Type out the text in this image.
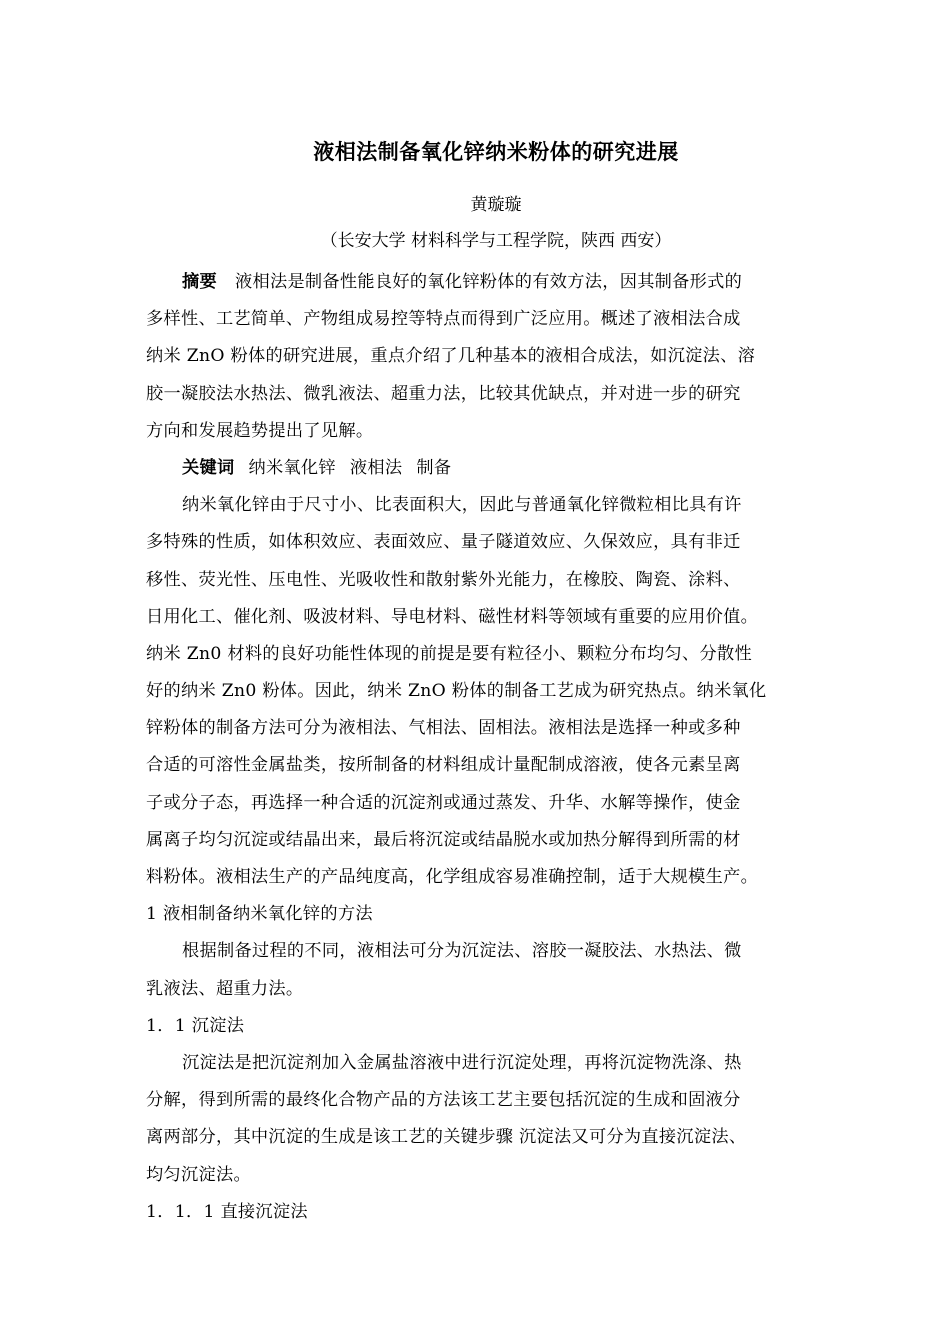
液相法制备氧化锌纳米粉体的研究进展
黄璇璇
（长安大学 材料科学与工程学院，陕西 西安）
摘要 液相法是制备性能良好的氧化锌粉体的有效方法，因其制备形式的
多样性、工艺简单、产物组成易控等特点而得到广泛应用。概述了液相法合成
纳米 ZnO 粉体的研究进展，重点介绍了几种基本的液相合成法，如沉淀法、溶
胶一凝胶法水热法、微乳液法、超重力法，比较其优缺点，并对进一步的研究
方向和发展趋势提出了见解。
关键词 纳米氧化锌 液相法 制备
纳米氧化锌由于尺寸小、比表面积大，因此与普通氧化锌微粒相比具有许
多特殊的性质，如体积效应、表面效应、量子隧道效应、久保效应，具有非迁
移性、荧光性、压电性、光吸收性和散射紫外光能力，在橡胶、陶瓷、涂料、
日用化工、催化剂、吸波材料、导电材料、磁性材料等领域有重要的应用价值。
纳米 Zn0 材料的良好功能性体现的前提是要有粒径小、颗粒分布均匀、分散性
好的纳米 Zn0 粉体。因此，纳米 ZnO 粉体的制备工艺成为研究热点。纳米氧化
锌粉体的制备方法可分为液相法、气相法、固相法。液相法是选择一种或多种
合适的可溶性金属盐类，按所制备的材料组成计量配制成溶液，使各元素呈离
子或分子态，再选择一种合适的沉淀剂或通过蒸发、升华、水解等操作，使金
属离子均匀沉淀或结晶出来，最后将沉淀或结晶脱水或加热分解得到所需的材
料粉体。液相法生产的产品纯度高，化学组成容易准确控制，适于大规模生产。
1 液相制备纳米氧化锌的方法
根据制备过程的不同，液相法可分为沉淀法、溶胶一凝胶法、水热法、微
乳液法、超重力法。
1．1 沉淀法
沉淀法是把沉淀剂加入金属盐溶液中进行沉淀处理，再将沉淀物洗涤、热
分解，得到所需的最终化合物产品的方法该工艺主要包括沉淀的生成和固液分
离两部分，其中沉淀的生成是该工艺的关键步骤 沉淀法又可分为直接沉淀法、
均匀沉淀法。
1．1．1 直接沉淀法
